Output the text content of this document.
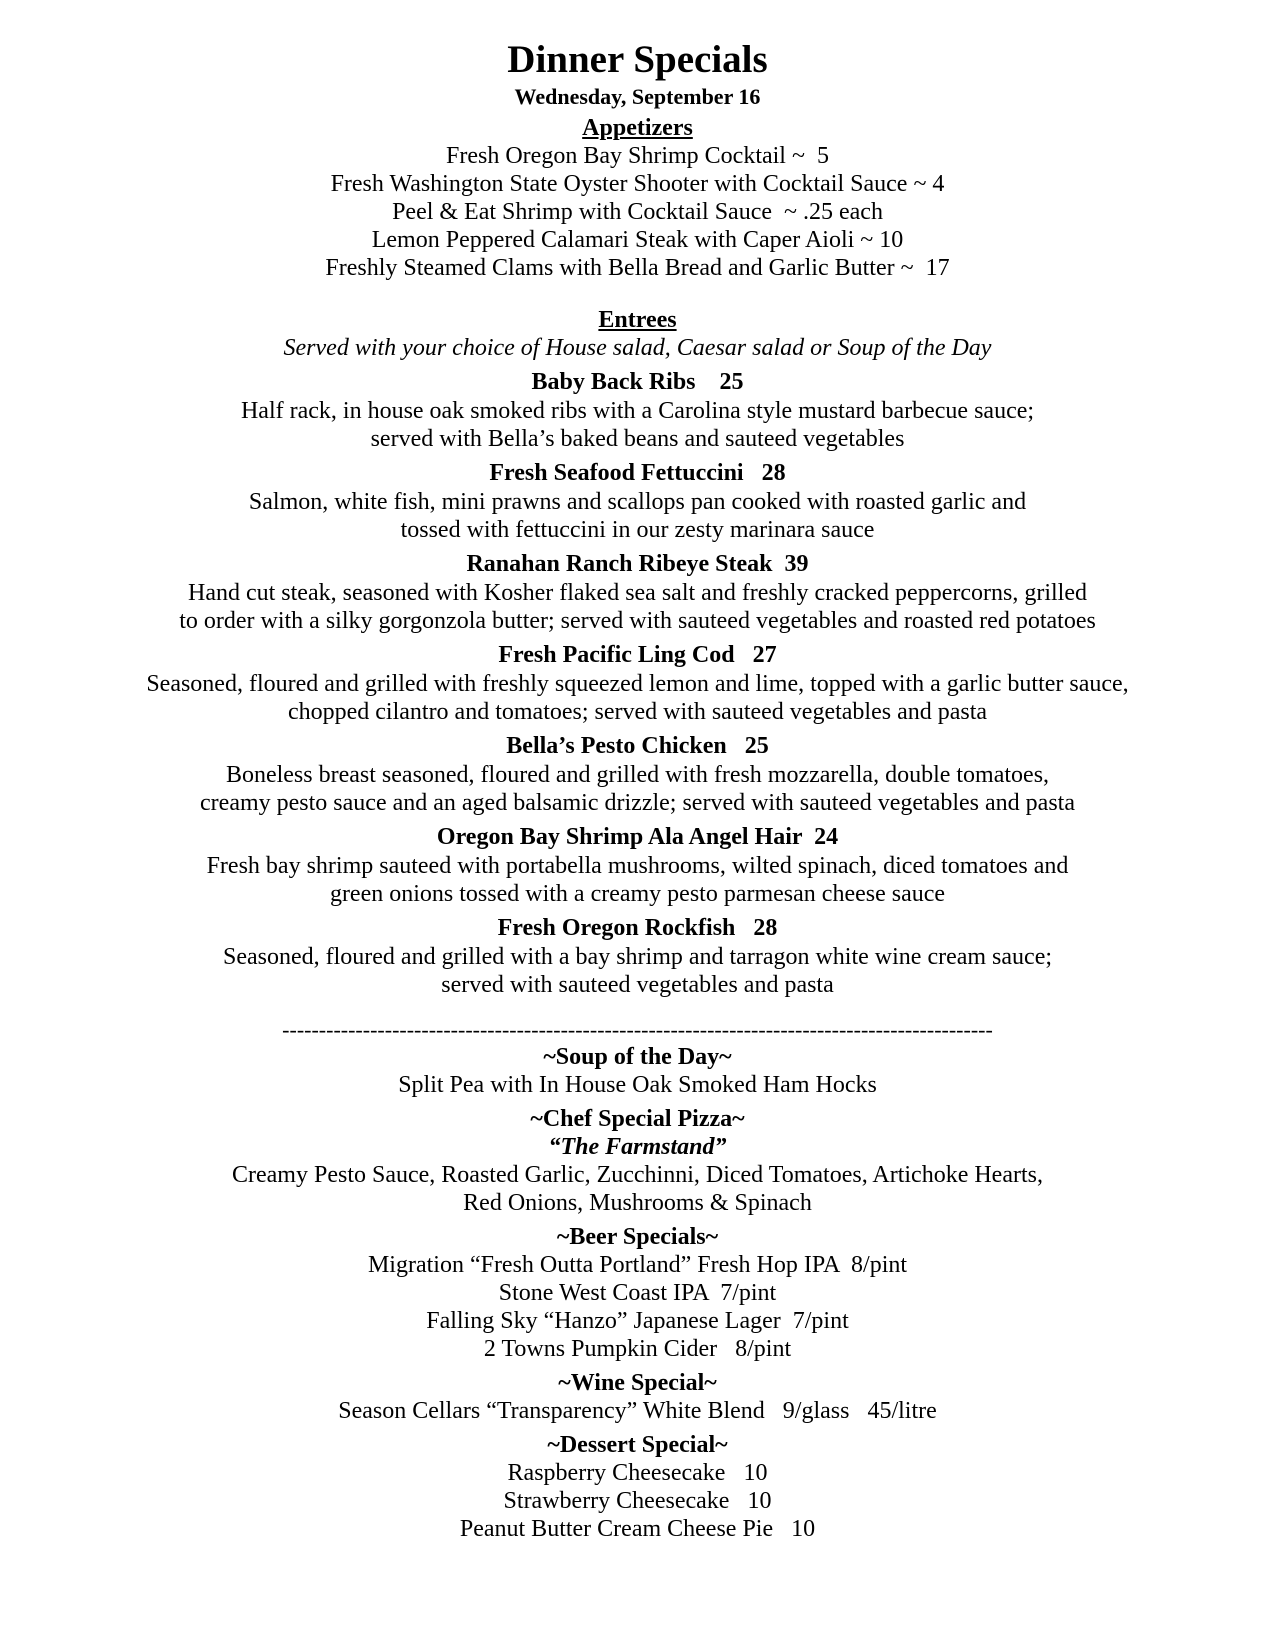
Dinner Specials
Wednesday, September 16
Appetizers
Fresh Oregon Bay Shrimp Cocktail ~  5
Fresh Washington State Oyster Shooter with Cocktail Sauce ~ 4
Peel & Eat Shrimp with Cocktail Sauce  ~ .25 each
Lemon Peppered Calamari Steak with Caper Aioli ~ 10
Freshly Steamed Clams with Bella Bread and Garlic Butter ~  17
Entrees
Served with your choice of House salad, Caesar salad or Soup of the Day
Baby Back Ribs    25
Half rack, in house oak smoked ribs with a Carolina style mustard barbecue sauce;
served with Bella’s baked beans and sauteed vegetables
Fresh Seafood Fettuccini   28
Salmon, white fish, mini prawns and scallops pan cooked with roasted garlic and
tossed with fettuccini in our zesty marinara sauce
Ranahan Ranch Ribeye Steak  39
Hand cut steak, seasoned with Kosher flaked sea salt and freshly cracked peppercorns, grilled
to order with a silky gorgonzola butter; served with sauteed vegetables and roasted red potatoes
Fresh Pacific Ling Cod   27
Seasoned, floured and grilled with freshly squeezed lemon and lime, topped with a garlic butter sauce,
chopped cilantro and tomatoes; served with sauteed vegetables and pasta
Bella’s Pesto Chicken   25
Boneless breast seasoned, floured and grilled with fresh mozzarella, double tomatoes,
creamy pesto sauce and an aged balsamic drizzle; served with sauteed vegetables and pasta
Oregon Bay Shrimp Ala Angel Hair  24
Fresh bay shrimp sauteed with portabella mushrooms, wilted spinach, diced tomatoes and
green onions tossed with a creamy pesto parmesan cheese sauce
Fresh Oregon Rockfish   28
Seasoned, floured and grilled with a bay shrimp and tarragon white wine cream sauce;
served with sauteed vegetables and pasta
-------------------------------------------------------------------------------------------------
~Soup of the Day~
Split Pea with In House Oak Smoked Ham Hocks
~Chef Special Pizza~
“The Farmstand”
Creamy Pesto Sauce, Roasted Garlic, Zucchinni, Diced Tomatoes, Artichoke Hearts,
Red Onions, Mushrooms & Spinach
~Beer Specials~
Migration “Fresh Outta Portland” Fresh Hop IPA  8/pint
Stone West Coast IPA  7/pint
Falling Sky “Hanzo” Japanese Lager  7/pint
2 Towns Pumpkin Cider   8/pint
~Wine Special~
Season Cellars “Transparency” White Blend   9/glass   45/litre
~Dessert Special~
Raspberry Cheesecake   10
Strawberry Cheesecake   10
Peanut Butter Cream Cheese Pie   10
